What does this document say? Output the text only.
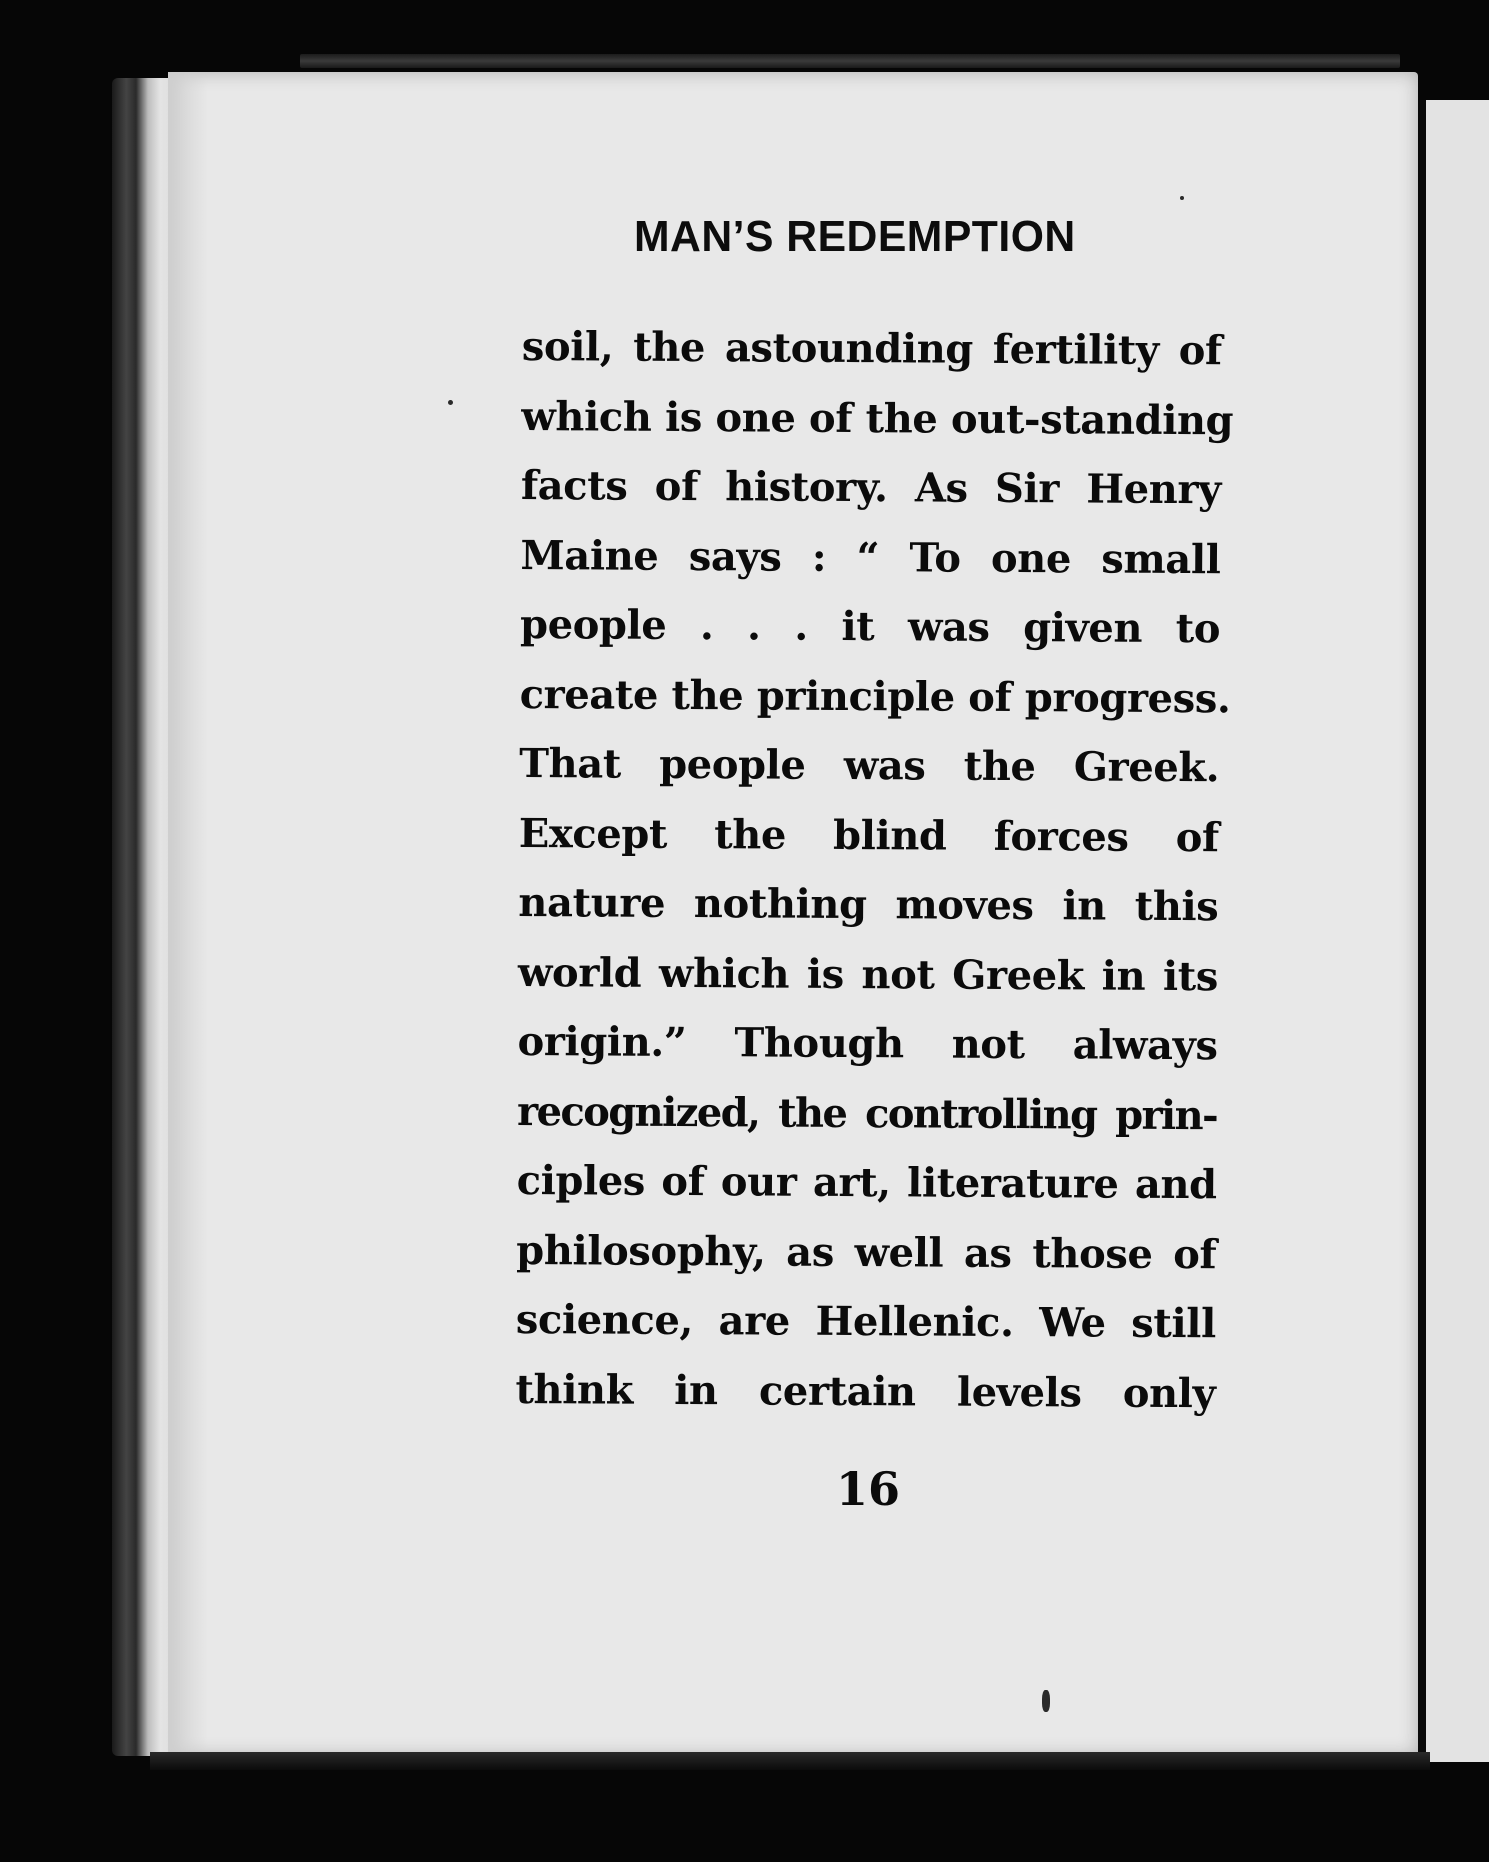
MAN’S REDEMPTION
soil, the astounding fertility of
which is one of the out-standing
facts of history. As Sir Henry
Maine says : “ To one small
people . . . it was given to
create the principle of progress.
That people was the Greek.
Except the blind forces of
nature nothing moves in this
world which is not Greek in its
origin.” Though not always
recognized, the controlling prin-
ciples of our art, literature and
philosophy, as well as those of
science, are Hellenic. We still
think in certain levels only
16
